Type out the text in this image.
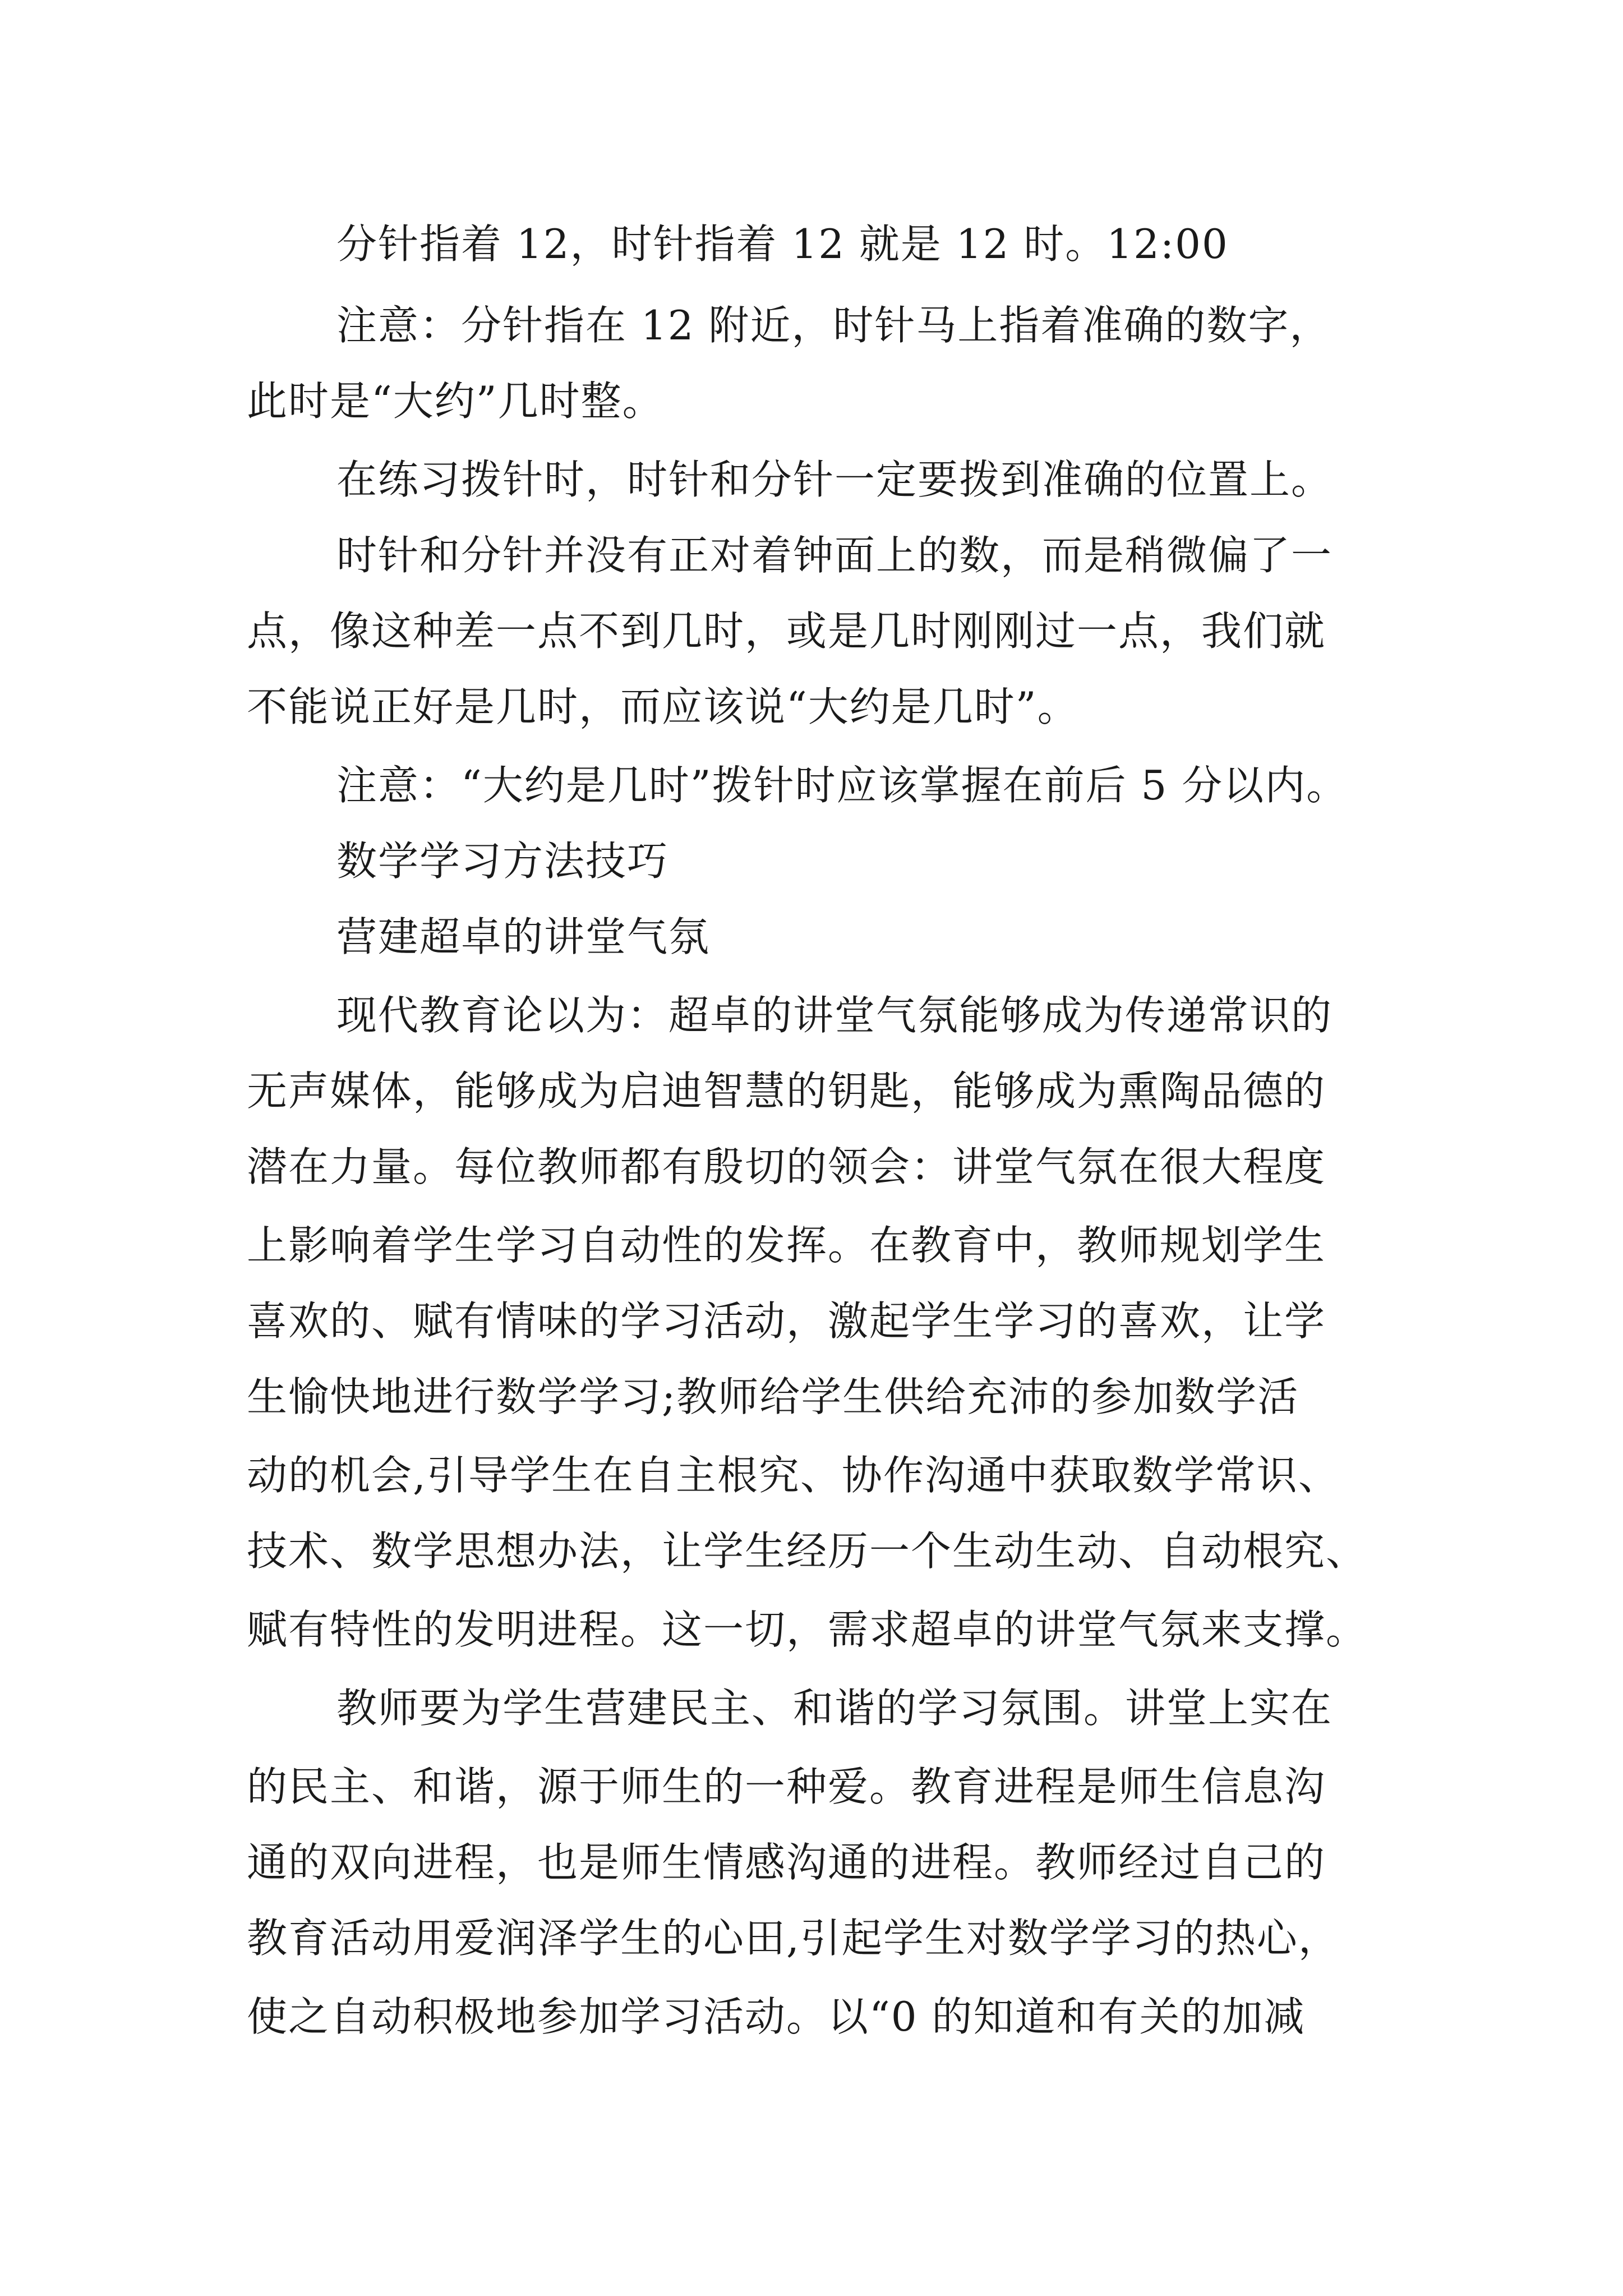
分针指着 12，时针指着 12 就是 12 时。12:00
注意：分针指在 12 附近，时针马上指着准确的数字，
此时是“大约”几时整。
在练习拨针时，时针和分针一定要拨到准确的位置上。
时针和分针并没有正对着钟面上的数，而是稍微偏了一
点，像这种差一点不到几时，或是几时刚刚过一点，我们就
不能说正好是几时，而应该说“大约是几时”。
注意：“大约是几时”拨针时应该掌握在前后 5 分以内。
数学学习方法技巧
营建超卓的讲堂气氛
现代教育论以为：超卓的讲堂气氛能够成为传递常识的
无声媒体，能够成为启迪智慧的钥匙，能够成为熏陶品德的
潜在力量。每位教师都有殷切的领会：讲堂气氛在很大程度
上影响着学生学习自动性的发挥。在教育中，教师规划学生
喜欢的、赋有情味的学习活动，激起学生学习的喜欢，让学
生愉快地进行数学学习;教师给学生供给充沛的参加数学活
动的机会,引导学生在自主根究、协作沟通中获取数学常识、
技术、数学思想办法，让学生经历一个生动生动、自动根究、
赋有特性的发明进程。这一切，需求超卓的讲堂气氛来支撑。
教师要为学生营建民主、和谐的学习氛围。讲堂上实在
的民主、和谐，源于师生的一种爱。教育进程是师生信息沟
通的双向进程，也是师生情感沟通的进程。教师经过自己的
教育活动用爱润泽学生的心田,引起学生对数学学习的热心，
使之自动积极地参加学习活动。以“0 的知道和有关的加减
